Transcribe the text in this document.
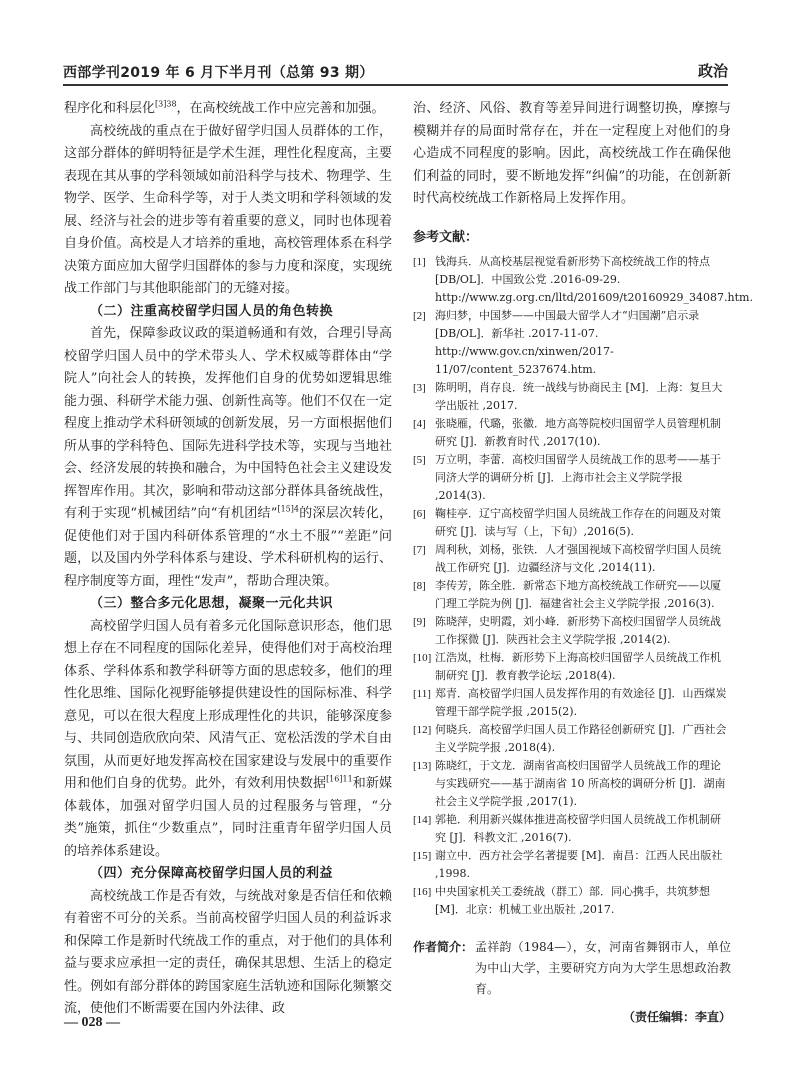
西部学刊2019 年 6 月下半月刊（总第 93 期）	政治

程序化和科层化$^{[3]38}$，在高校统战工作中应完善和加强。

高校统战的重点在于做好留学归国人员群体的工作，这部分群体的鲜明特征是学术生涯，理性化程度高，主要表现在其从事的学科领域如前沿科学与技术、物理学、生物学、医学、生命科学等，对于人类文明和学科领域的发展、经济与社会的进步等有着重要的意义，同时也体现着自身价值。高校是人才培养的重地，高校管理体系在科学决策方面应加大留学归国群体的参与力度和深度，实现统战工作部门与其他职能部门的无缝对接。

（二）注重高校留学归国人员的角色转换

首先，保障参政议政的渠道畅通和有效，合理引导高校留学归国人员中的学术带头人、学术权威等群体由“学院人”向社会人的转换，发挥他们自身的优势如逻辑思维能力强、科研学术能力强、创新性高等。他们不仅在一定程度上推动学术科研领域的创新发展，另一方面根据他们所从事的学科特色、国际先进科学技术等，实现与当地社会、经济发展的转换和融合，为中国特色社会主义建设发挥智库作用。其次，影响和带动这部分群体具备统战性，有利于实现“机械团结”向“有机团结”$^{[15]4}$的深层次转化，促使他们对于国内科研体系管理的“水土不服”“差距”问题，以及国内外学科体系与建设、学术科研机构的运行、程序制度等方面，理性“发声”，帮助合理决策。

（三）整合多元化思想，凝聚一元化共识

高校留学归国人员有着多元化国际意识形态，他们思想上存在不同程度的国际化差异，使得他们对于高校治理体系、学科体系和教学科研等方面的思虑较多，他们的理性化思维、国际化视野能够提供建设性的国际标准、科学意见，可以在很大程度上形成理性化的共识，能够深度参与、共同创造欣欣向荣、风清气正、宽松活泼的学术自由氛围，从而更好地发挥高校在国家建设与发展中的重要作用和他们自身的优势。此外，有效利用快数据$^{[16]11}$和新媒体载体，加强对留学归国人员的过程服务与管理，“分类”施策，抓住“少数重点”，同时注重青年留学归国人员的培养体系建设。

（四）充分保障高校留学归国人员的利益

高校统战工作是否有效，与统战对象是否信任和依赖有着密不可分的关系。当前高校留学归国人员的利益诉求和保障工作是新时代统战工作的重点，对于他们的具体利益与要求应承担一定的责任，确保其思想、生活上的稳定性。例如有部分群体的跨国家庭生活轨迹和国际化频繁交流，使他们不断需要在国内外法律、政

治、经济、风俗、教育等差异间进行调整切换，摩擦与模糊并存的局面时常存在，并在一定程度上对他们的身心造成不同程度的影响。因此，高校统战工作在确保他们利益的同时，要不断地发挥“纠偏”的功能，在创新新时代高校统战工作新格局上发挥作用。

参考文献：
[1] 钱海兵．从高校基层视觉看新形势下高校统战工作的特点 [DB/OL]．中国致公党 .2016-09-29. http://www.zg.org.cn/lltd/201609/t20160929_34087.htm.
[2] 海归梦，中国梦——中国最大留学人才“归国潮”启示录 [DB/OL]．新华社 .2017-11-07. http://www.gov.cn/xinwen/2017-11/07/content_5237674.htm.
[3] 陈明明，肖存良．统一战线与协商民主 [M]．上海：复旦大学出版社 ,2017.
[4] 张晓雁，代璐，张徽．地方高等院校归国留学人员管理机制研究 [J]．新教育时代 ,2017(10).
[5] 万立明，李蕾．高校归国留学人员统战工作的思考——基于同济大学的调研分析 [J]．上海市社会主义学院学报 ,2014(3).
[6] 鞠桂亭．辽宁高校留学归国人员统战工作存在的问题及对策研究 [J]．读与写（上，下旬）,2016(5).
[7] 周利秋，刘杨，张铁．人才强国视域下高校留学归国人员统战工作研究 [J]．边疆经济与文化 ,2014(11).
[8] 李传芳，陈全胜．新常态下地方高校统战工作研究——以厦门理工学院为例 [J]．福建省社会主义学院学报 ,2016(3).
[9] 陈晓萍，史明霞，刘小峰．新形势下高校归国留学人员统战工作探微 [J]．陕西社会主义学院学报 ,2014(2).
[10] 江浩岚，杜梅．新形势下上海高校归国留学人员统战工作机制研究 [J]．教育教学论坛 ,2018(4).
[11] 郑青．高校留学归国人员发挥作用的有效途径 [J]．山西煤炭管理干部学院学报 ,2015(2).
[12] 何晓兵．高校留学归国人员工作路径创新研究 [J]．广西社会主义学院学报 ,2018(4).
[13] 陈晓红，于文龙．湖南省高校归国留学人员统战工作的理论与实践研究——基于湖南省 10 所高校的调研分析 [J]．湖南社会主义学院学报 ,2017(1).
[14] 郭艳．利用新兴媒体推进高校留学归国人员统战工作机制研究 [J]．科教文汇 ,2016(7).
[15] 谢立中．西方社会学名著提要 [M]．南昌：江西人民出版社 ,1998.
[16] 中央国家机关工委统战（群工）部．同心携手，共筑梦想 [M]．北京：机械工业出版社 ,2017.
作者简介： 孟祥韵（1984—），女，河南省舞钢市人，单位为中山大学，主要研究方向为大学生思想政治教育。
（责任编辑：李直）
— 028 —
